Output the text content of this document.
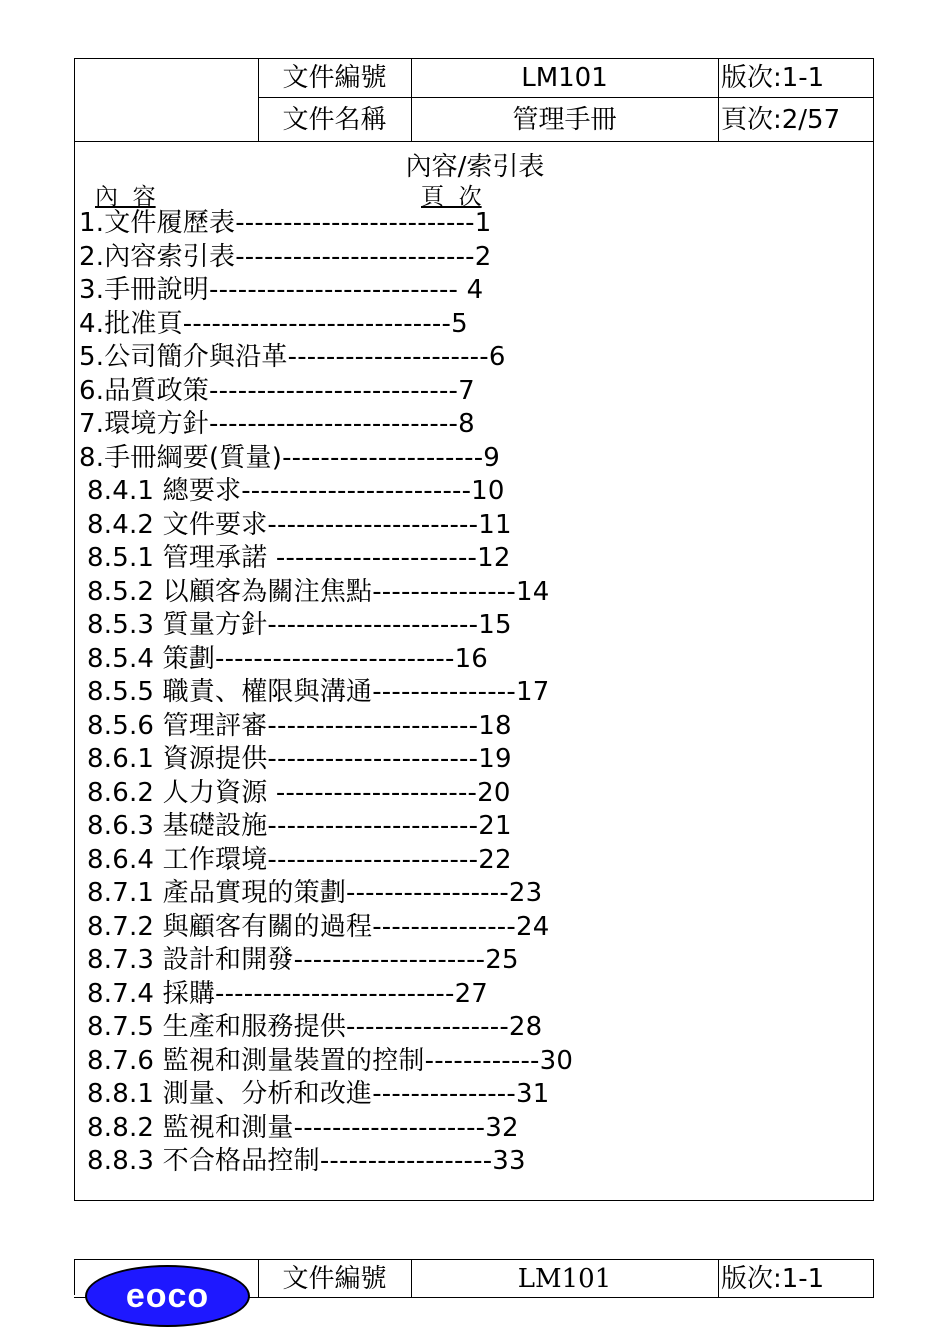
文件編號	LM101	版次:1-1
文件名稱	管理手冊	頁次:2/57
內容/索引表
內  容	頁  次
1.文件履歷表-------------------------1
2.內容索引表-------------------------2
3.手冊說明-------------------------- 4
4.批准頁----------------------------5
5.公司簡介與沿革---------------------6
6.品質政策--------------------------7
7.環境方針--------------------------8
8.手冊綱要(質量)---------------------9
8.4.1 總要求------------------------10
8.4.2 文件要求----------------------11
8.5.1 管理承諾 ---------------------12
8.5.2 以顧客為關注焦點---------------14
8.5.3 質量方針----------------------15
8.5.4 策劃-------------------------16
8.5.5 職責、權限與溝通---------------17
8.5.6 管理評審----------------------18
8.6.1 資源提供----------------------19
8.6.2 人力資源 ---------------------20
8.6.3 基礎設施----------------------21
8.6.4 工作環境----------------------22
8.7.1 產品實現的策劃-----------------23
8.7.2 與顧客有關的過程---------------24
8.7.3 設計和開發--------------------25
8.7.4 採購-------------------------27
8.7.5 生產和服務提供-----------------28
8.7.6 監視和測量裝置的控制------------30
8.8.1 測量、分析和改進---------------31
8.8.2 監視和測量--------------------32
8.8.3 不合格品控制------------------33
eoco	文件編號	LM101	版次:1-1
